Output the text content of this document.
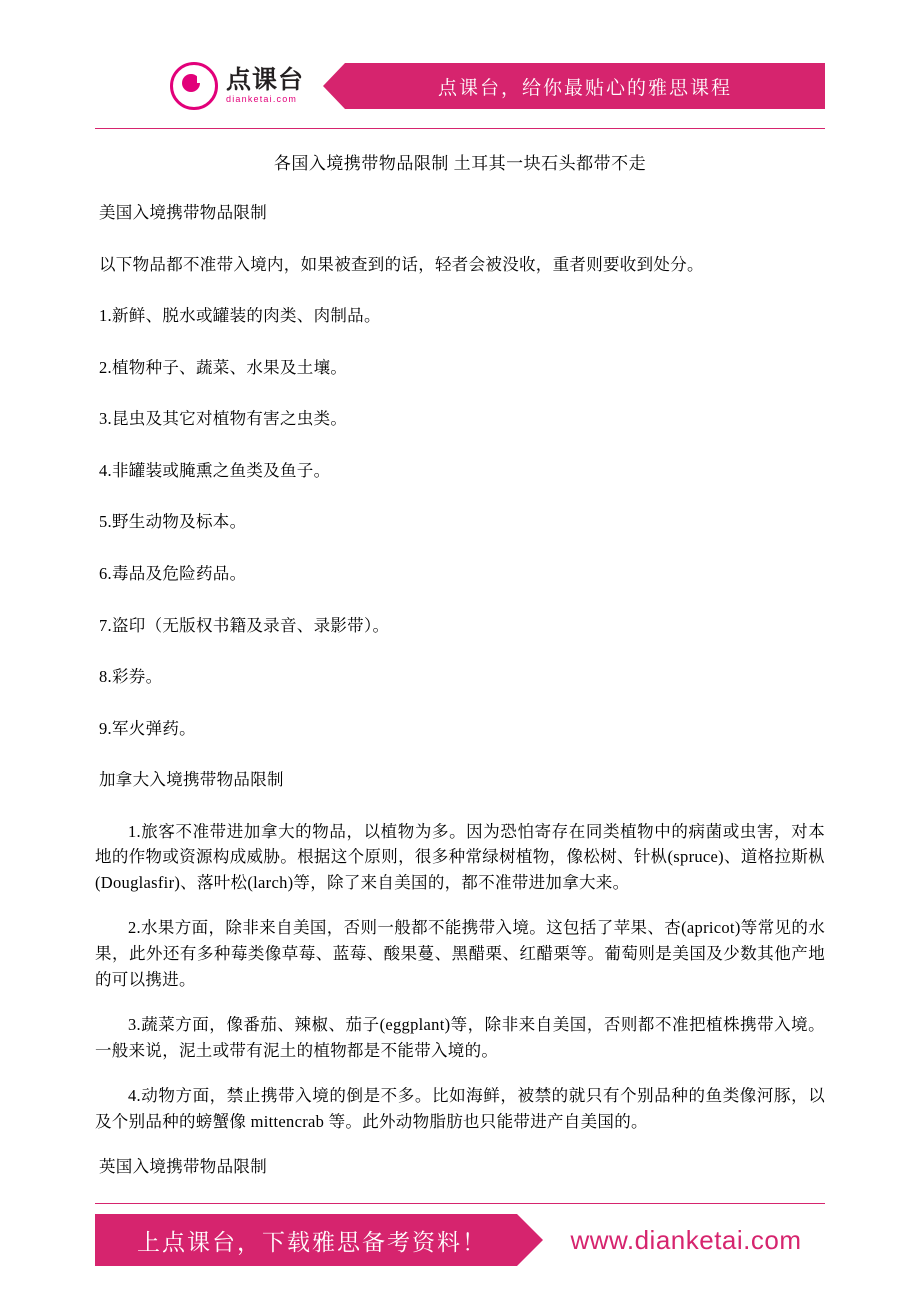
点课台
dianketai.com
点课台，给你最贴心的雅思课程
各国入境携带物品限制 土耳其一块石头都带不走

美国入境携带物品限制

以下物品都不准带入境内，如果被查到的话，轻者会被没收，重者则要收到处分。

1.新鲜、脱水或罐装的肉类、肉制品。

2.植物种子、蔬菜、水果及土壤。

3.昆虫及其它对植物有害之虫类。

4.非罐装或腌熏之鱼类及鱼子。

5.野生动物及标本。

6.毒品及危险药品。

7.盗印（无版权书籍及录音、录影带）。

8.彩券。

9.军火弹药。

加拿大入境携带物品限制

1.旅客不准带进加拿大的物品，以植物为多。因为恐怕寄存在同类植物中的病菌或虫害，对本地的作物或资源构成威胁。根据这个原则，很多种常绿树植物，像松树、针枞(spruce)、道格拉斯枞(Douglasfir)、落叶松(larch)等，除了来自美国的，都不准带进加拿大来。

2.水果方面，除非来自美国，否则一般都不能携带入境。这包括了苹果、杏(apricot)等常见的水果，此外还有多种莓类像草莓、蓝莓、酸果蔓、黑醋栗、红醋栗等。葡萄则是美国及少数其他产地的可以携进。

3.蔬菜方面，像番茄、辣椒、茄子(eggplant)等，除非来自美国，否则都不准把植株携带入境。一般来说，泥土或带有泥土的植物都是不能带入境的。

4.动物方面，禁止携带入境的倒是不多。比如海鲜，被禁的就只有个别品种的鱼类像河豚，以及个别品种的螃蟹像 mittencrab 等。此外动物脂肪也只能带进产自美国的。

英国入境携带物品限制

上点课台，下载雅思备考资料！	www.dianketai.com
